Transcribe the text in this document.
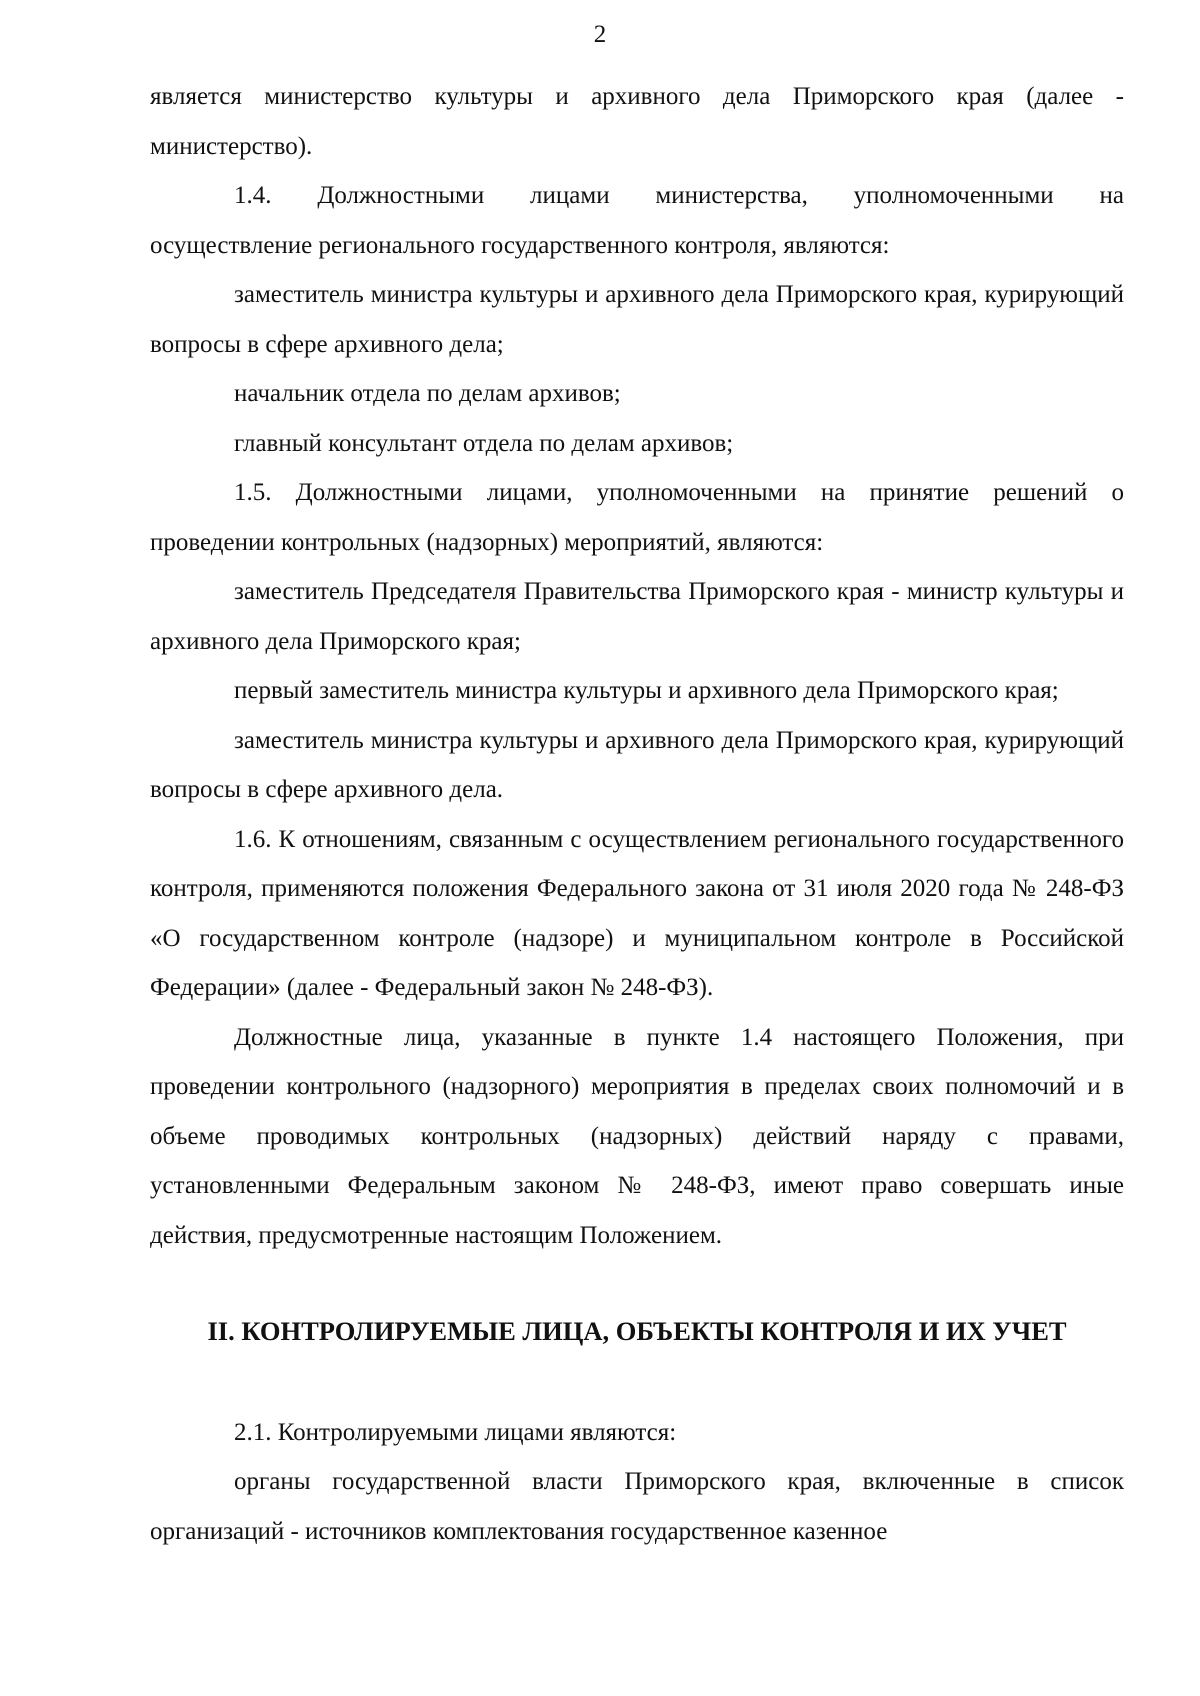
2

является министерство культуры и архивного дела Приморского края (далее - министерство).

1.4. Должностными лицами министерства, уполномоченными на
осуществление регионального государственного контроля, являются:

заместитель министра культуры и архивного дела Приморского края, курирующий вопросы в сфере архивного дела;

начальник отдела по делам архивов;

главный консультант отдела по делам архивов;

1.5. Должностными лицами, уполномоченными на принятие решений о проведении контрольных (надзорных) мероприятий, являются:

заместитель Председателя Правительства Приморского края - министр культуры и архивного дела Приморского края;

первый заместитель министра культуры и архивного дела Приморского края;

заместитель министра культуры и архивного дела Приморского края, курирующий вопросы в сфере архивного дела.

1.6. К отношениям, связанным с осуществлением регионального государственного контроля, применяются положения Федерального закона от 31 июля 2020 года № 248-ФЗ «О государственном контроле (надзоре) и муниципальном контроле в Российской Федерации» (далее - Федеральный закон № 248-ФЗ).

Должностные лица, указанные в пункте 1.4 настоящего Положения, при проведении контрольного (надзорного) мероприятия в пределах своих полномочий и в объеме проводимых контрольных (надзорных) действий наряду с правами, установленными Федеральным законом № 248-ФЗ, имеют право совершать иные действия, предусмотренные настоящим Положением.

II. КОНТРОЛИРУЕМЫЕ ЛИЦА, ОБЪЕКТЫ КОНТРОЛЯ И ИХ УЧЕТ

2.1. Контролируемыми лицами являются:

органы государственной власти Приморского края, включенные в список организаций - источников комплектования государственное казенное
